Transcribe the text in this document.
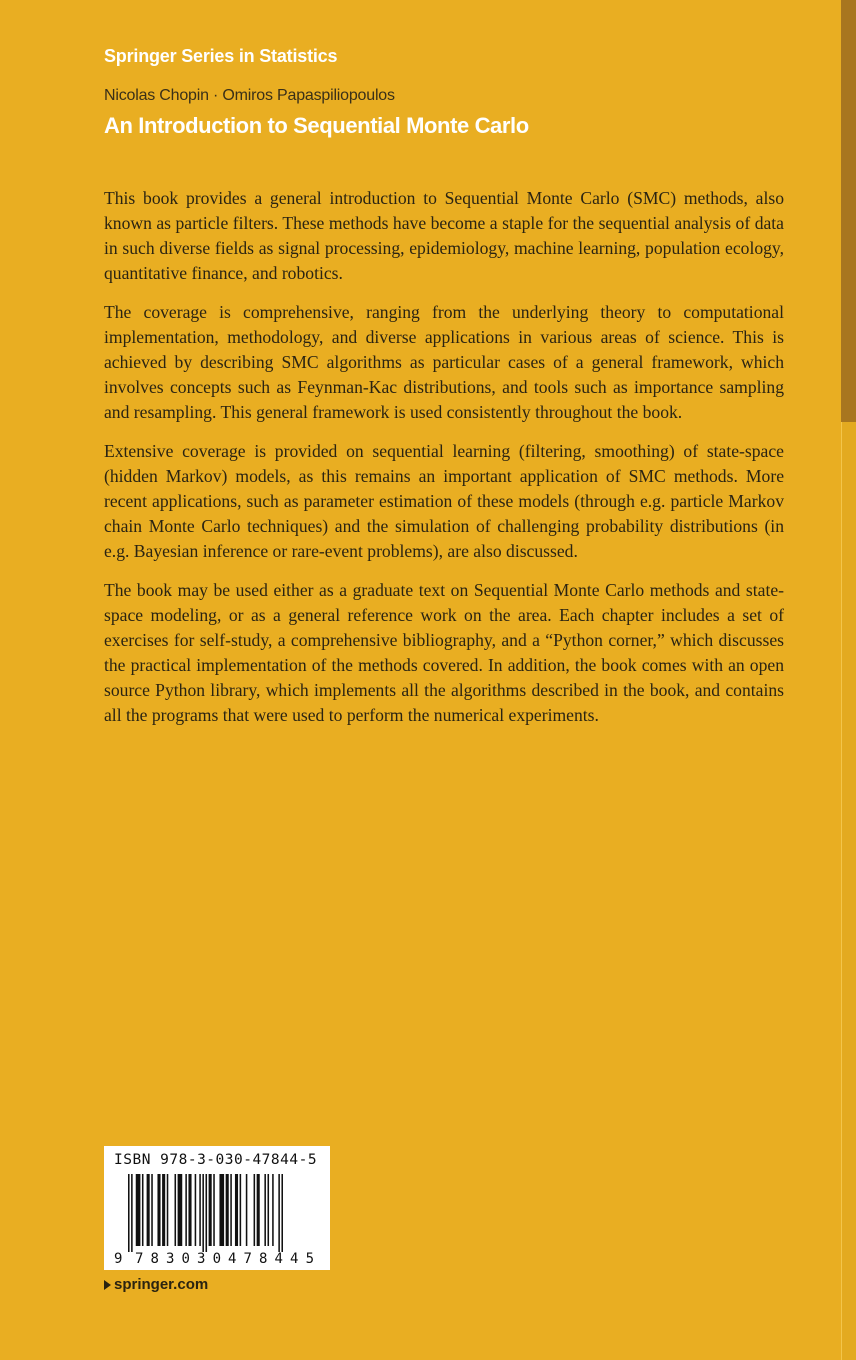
Springer Series in Statistics
Nicolas Chopin · Omiros Papaspiliopoulos
An Introduction to Sequential Monte Carlo

This book provides a general introduction to Sequential Monte Carlo (SMC) methods, also known as particle filters. These methods have become a staple for the sequential analysis of data in such diverse fields as signal processing, epidemiology, machine learning, population ecology, quantitative finance, and robotics.

The coverage is comprehensive, ranging from the underlying theory to computational implementation, methodology, and diverse applications in various areas of science. This is achieved by describing SMC algorithms as particular cases of a general framework, which involves concepts such as Feynman-Kac distributions, and tools such as importance sampling and resampling. This general framework is used consistently throughout the book.

Extensive coverage is provided on sequential learning (filtering, smoothing) of state-space (hidden Markov) models, as this remains an important application of SMC methods. More recent applications, such as parameter estimation of these models (through e.g. particle Markov chain Monte Carlo techniques) and the simulation of challenging probability distributions (in e.g. Bayesian inference or rare-event problems), are also discussed.

The book may be used either as a graduate text on Sequential Monte Carlo methods and state-space modeling, or as a general reference work on the area. Each chapter includes a set of exercises for self-study, a comprehensive bibliography, and a “Python corner,” which discusses the practical implementation of the methods covered. In addition, the book comes with an open source Python library, which implements all the algorithms described in the book, and contains all the programs that were used to perform the numerical experiments.

ISBN 978-3-030-47844-5
9 783030 478445
springer.com
